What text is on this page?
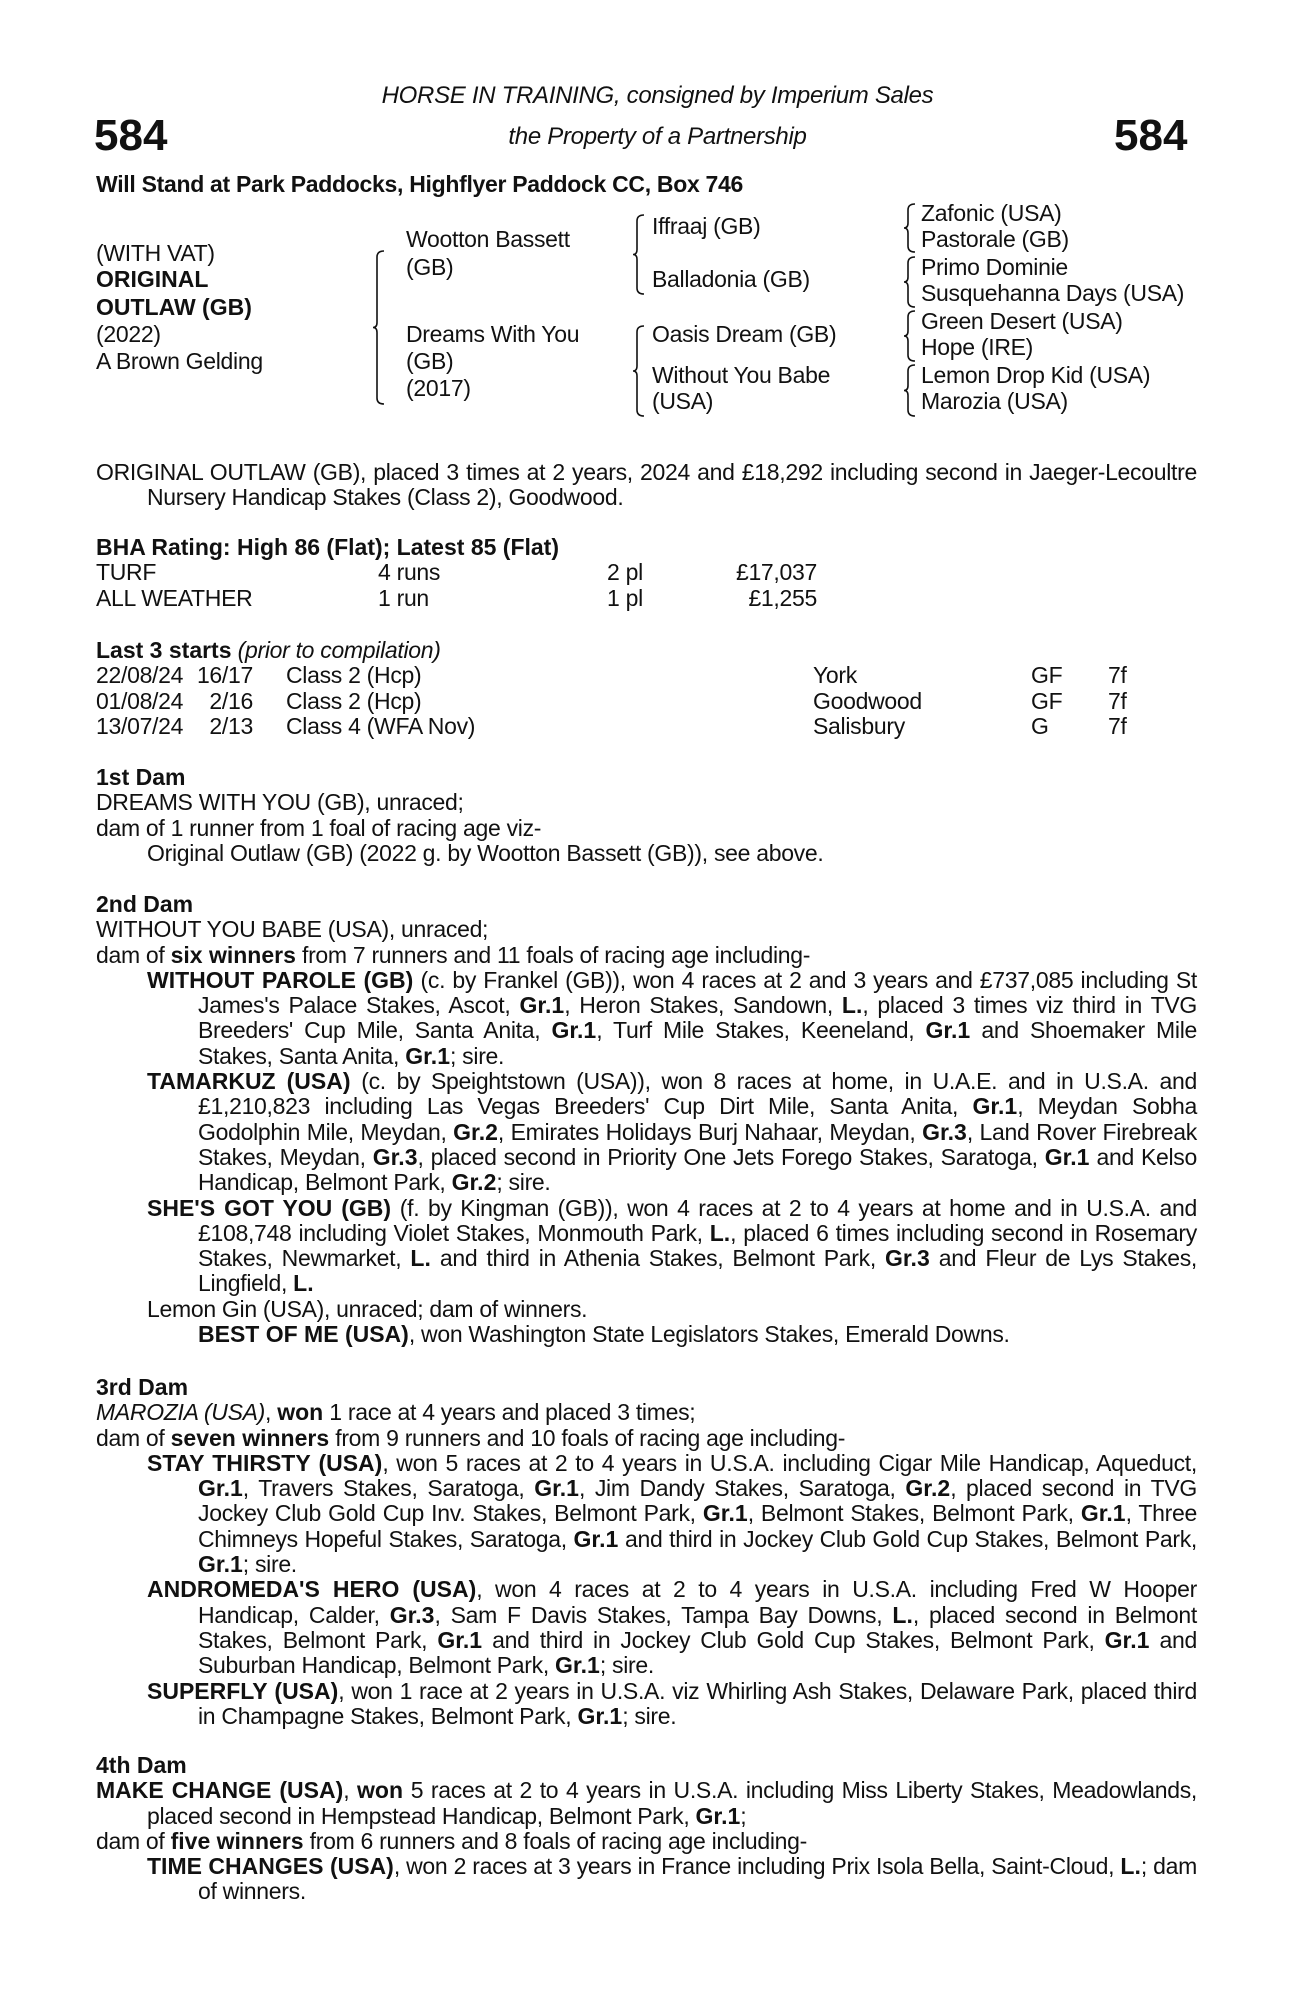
HORSE IN TRAINING, consigned by Imperium Sales
the Property of a Partnership
584	584
Will Stand at Park Paddocks, Highflyer Paddock CC, Box 746
(WITH VAT)
ORIGINAL
OUTLAW (GB)
(2022)
A Brown Gelding
Wootton Bassett
(GB)
Dreams With You
(GB)
(2017)
Iffraaj (GB)
Balladonia (GB)
Oasis Dream (GB)
Without You Babe
(USA)
Zafonic (USA)
Pastorale (GB)
Primo Dominie
Susquehanna Days (USA)
Green Desert (USA)
Hope (IRE)
Lemon Drop Kid (USA)
Marozia (USA)
ORIGINAL OUTLAW (GB), placed 3 times at 2 years, 2024 and £18,292 including second in Jaeger-Lecoultre Nursery Handicap Stakes (Class 2), Goodwood.
BHA Rating: High 86 (Flat); Latest 85 (Flat)
TURF	4 runs	2 pl	£17,037
ALL WEATHER	1 run	1 pl	£1,255
Last 3 starts (prior to compilation)
22/08/24 16/17 Class 2 (Hcp)	York	GF 7f
01/08/24 2/16 Class 2 (Hcp)	Goodwood	GF 7f
13/07/24 2/13 Class 4 (WFA Nov)	Salisbury	G	7f
1st Dam
DREAMS WITH YOU (GB), unraced;
dam of 1 runner from 1 foal of racing age viz-
Original Outlaw (GB) (2022 g. by Wootton Bassett (GB)), see above.
2nd Dam
WITHOUT YOU BABE (USA), unraced;
dam of six winners from 7 runners and 11 foals of racing age including-
WITHOUT PAROLE (GB) (c. by Frankel (GB)), won 4 races at 2 and 3 years and £737,085 including St James's Palace Stakes, Ascot, Gr.1, Heron Stakes, Sandown, L., placed 3 times viz third in TVG Breeders' Cup Mile, Santa Anita, Gr.1, Turf Mile Stakes, Keeneland, Gr.1 and Shoemaker Mile Stakes, Santa Anita, Gr.1; sire.
TAMARKUZ (USA) (c. by Speightstown (USA)), won 8 races at home, in U.A.E. and in U.S.A. and £1,210,823 including Las Vegas Breeders' Cup Dirt Mile, Santa Anita, Gr.1, Meydan Sobha Godolphin Mile, Meydan, Gr.2, Emirates Holidays Burj Nahaar, Meydan, Gr.3, Land Rover Firebreak Stakes, Meydan, Gr.3, placed second in Priority One Jets Forego Stakes, Saratoga, Gr.1 and Kelso Handicap, Belmont Park, Gr.2; sire.
SHE'S GOT YOU (GB) (f. by Kingman (GB)), won 4 races at 2 to 4 years at home and in U.S.A. and £108,748 including Violet Stakes, Monmouth Park, L., placed 6 times including second in Rosemary Stakes, Newmarket, L. and third in Athenia Stakes, Belmont Park, Gr.3 and Fleur de Lys Stakes, Lingfield, L.
Lemon Gin (USA), unraced; dam of winners.
BEST OF ME (USA), won Washington State Legislators Stakes, Emerald Downs.
3rd Dam
MAROZIA (USA), won 1 race at 4 years and placed 3 times;
dam of seven winners from 9 runners and 10 foals of racing age including-
STAY THIRSTY (USA), won 5 races at 2 to 4 years in U.S.A. including Cigar Mile Handicap, Aqueduct, Gr.1, Travers Stakes, Saratoga, Gr.1, Jim Dandy Stakes, Saratoga, Gr.2, placed second in TVG Jockey Club Gold Cup Inv. Stakes, Belmont Park, Gr.1, Belmont Stakes, Belmont Park, Gr.1, Three Chimneys Hopeful Stakes, Saratoga, Gr.1 and third in Jockey Club Gold Cup Stakes, Belmont Park, Gr.1; sire.
ANDROMEDA'S HERO (USA), won 4 races at 2 to 4 years in U.S.A. including Fred W Hooper Handicap, Calder, Gr.3, Sam F Davis Stakes, Tampa Bay Downs, L., placed second in Belmont Stakes, Belmont Park, Gr.1 and third in Jockey Club Gold Cup Stakes, Belmont Park, Gr.1 and Suburban Handicap, Belmont Park, Gr.1; sire.
SUPERFLY (USA), won 1 race at 2 years in U.S.A. viz Whirling Ash Stakes, Delaware Park, placed third in Champagne Stakes, Belmont Park, Gr.1; sire.
4th Dam
MAKE CHANGE (USA), won 5 races at 2 to 4 years in U.S.A. including Miss Liberty Stakes, Meadowlands, placed second in Hempstead Handicap, Belmont Park, Gr.1;
dam of five winners from 6 runners and 8 foals of racing age including-
TIME CHANGES (USA), won 2 races at 3 years in France including Prix Isola Bella, Saint-Cloud, L.; dam of winners.
